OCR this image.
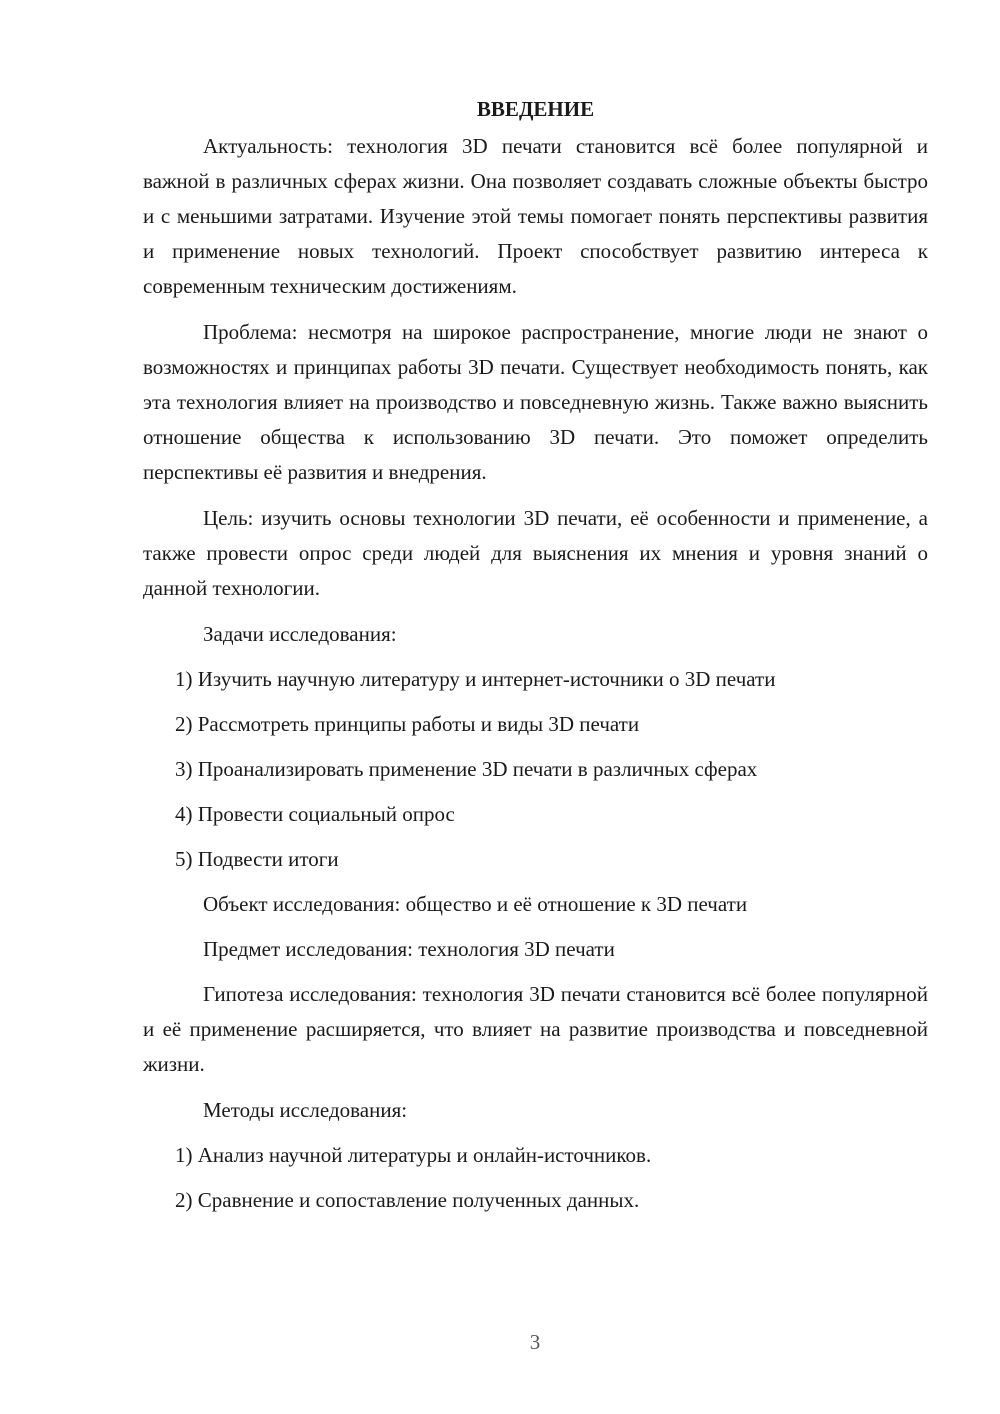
ВВЕДЕНИЕ

Актуальность: технология 3D печати становится всё более популярной и важной в различных сферах жизни. Она позволяет создавать сложные объекты быстро и с меньшими затратами. Изучение этой темы помогает понять перспективы развития и применение новых технологий. Проект способствует развитию интереса к современным техническим достижениям.

Проблема: несмотря на широкое распространение, многие люди не знают о возможностях и принципах работы 3D печати. Существует необходимость понять, как эта технология влияет на производство и повседневную жизнь. Также важно выяснить отношение общества к использованию 3D печати. Это поможет определить перспективы её развития и внедрения.

Цель: изучить основы технологии 3D печати, её особенности и применение, а также провести опрос среди людей для выяснения их мнения и уровня знаний о данной технологии.

Задачи исследования:
1) Изучить научную литературу и интернет-источники о 3D печати
2) Рассмотреть принципы работы и виды 3D печати
3) Проанализировать применение 3D печати в различных сферах
4) Провести социальный опрос
5) Подвести итоги
Объект исследования: общество и её отношение к 3D печати
Предмет исследования: технология 3D печати

Гипотеза исследования: технология 3D печати становится всё более популярной и её применение расширяется, что влияет на развитие производства и повседневной жизни.

Методы исследования:
1) Анализ научной литературы и онлайн-источников.
2) Сравнение и сопоставление полученных данных.
3
